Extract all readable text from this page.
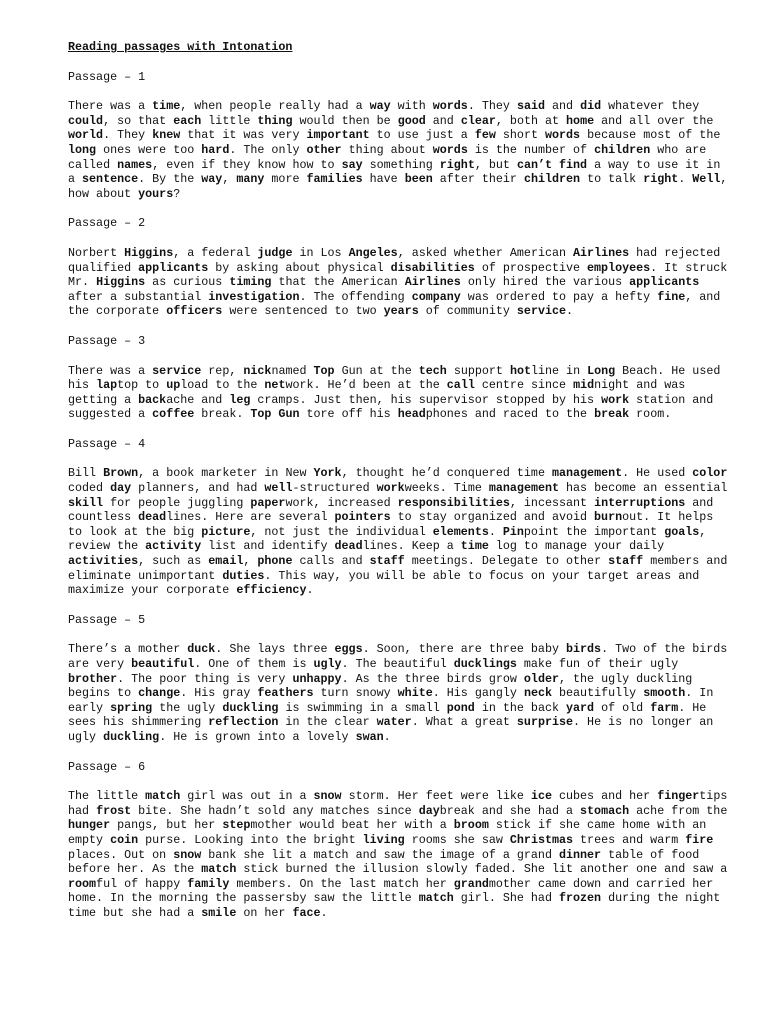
Reading passages with Intonation
Passage – 1
There was a time, when people really had a way with words. They said and did whatever they could, so that each little thing would then be good and clear, both at home and all over the world. They knew that it was very important to use just a few short words because most of the long ones were too hard. The only other thing about words is the number of children who are called names, even if they know how to say something right, but can’t find a way to use it in a sentence. By the way, many more families have been after their children to talk right. Well, how about yours?
Passage – 2
Norbert Higgins, a federal judge in Los Angeles, asked whether American Airlines had rejected qualified applicants by asking about physical disabilities of prospective employees. It struck Mr. Higgins as curious timing that the American Airlines only hired the various applicants after a substantial investigation. The offending company was ordered to pay a hefty fine, and the corporate officers were sentenced to two years of community service.
Passage – 3
There was a service rep, nicknamed Top Gun at the tech support hotline in Long Beach. He used his laptop to upload to the network. He’d been at the call centre since midnight and was getting a backache and leg cramps. Just then, his supervisor stopped by his work station and suggested a coffee break. Top Gun tore off his headphones and raced to the break room.
Passage – 4
Bill Brown, a book marketer in New York, thought he’d conquered time management. He used color coded day planners, and had well-structured workweeks. Time management has become an essential skill for people juggling paperwork, increased responsibilities, incessant interruptions and countless deadlines. Here are several pointers to stay organized and avoid burnout. It helps to look at the big picture, not just the individual elements. Pinpoint the important goals, review the activity list and identify deadlines. Keep a time log to manage your daily activities, such as email, phone calls and staff meetings. Delegate to other staff members and eliminate unimportant duties. This way, you will be able to focus on your target areas and maximize your corporate efficiency.
Passage – 5
There’s a mother duck. She lays three eggs. Soon, there are three baby birds. Two of the birds are very beautiful. One of them is ugly. The beautiful ducklings make fun of their ugly brother. The poor thing is very unhappy. As the three birds grow older, the ugly duckling begins to change. His gray feathers turn snowy white. His gangly neck beautifully smooth. In early spring the ugly duckling is swimming in a small pond in the back yard of old farm. He sees his shimmering reflection in the clear water. What a great surprise. He is no longer an ugly duckling. He is grown into a lovely swan.
Passage – 6
The little match girl was out in a snow storm. Her feet were like ice cubes and her fingertips had frost bite. She hadn’t sold any matches since daybreak and she had a stomach ache from the hunger pangs, but her stepmother would beat her with a broom stick if she came home with an empty coin purse. Looking into the bright living rooms she saw Christmas trees and warm fire places. Out on snow bank she lit a match and saw the image of a grand dinner table of food before her. As the match stick burned the illusion slowly faded. She lit another one and saw a roomful of happy family members. On the last match her grandmother came down and carried her home. In the morning the passersby saw the little match girl. She had frozen during the night time but she had a smile on her face.
